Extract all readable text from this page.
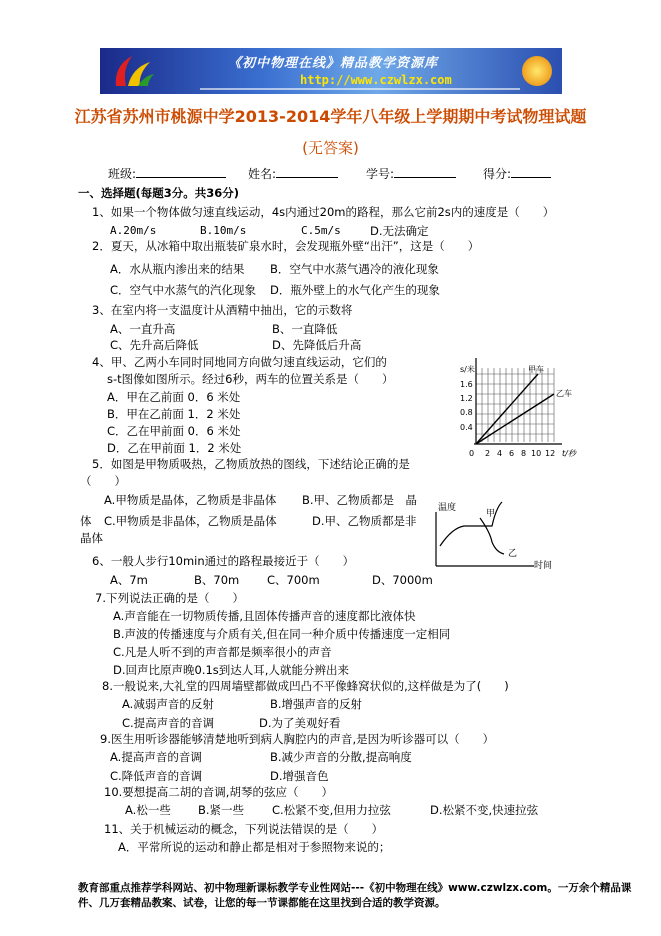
《初中物理在线》精品教学资源库
http://www.czwlzx.com
江苏省苏州市桃源中学2013-2014学年八年级上学期期中考试物理试题
(无答案)
班级:	姓名:	学号:	得分:
一、选择题(每题3分。共36分)
1、如果一个物体做匀速直线运动，4s内通过20m的路程，那么它前2s内的速度是（　　）
A.20m/s	B.10m/s	C.5m/s	D.无法确定
2．夏天，从冰箱中取出瓶装矿泉水时，会发现瓶外壁“出汗”，这是（　　）
A．水从瓶内渗出来的结果 B．空气中水蒸气遇冷的液化现象
C．空气中水蒸气的汽化现象 D．瓶外壁上的水气化产生的现象
3、在室内将一支温度计从酒精中抽出，它的示数将
A、一直升高	B、一直降低
C、先升高后降低	D、先降低后升高
4、甲、乙两小车同时同地同方向做匀速直线运动，它们的
s-t图像如图所示。经过6秒，两车的位置关系是（　　）
A．甲在乙前面 0．6 米处
B．甲在乙前面 1．2 米处
C．乙在甲前面 0．6 米处
D．乙在甲前面 1．2 米处
s/米
1.6
1.2
0.8
0.4
0 2 4 6 8 10 12 t/秒
甲车
乙车
5．如图是甲物质吸热，乙物质放热的图线，下述结论正确的是
（　　）
A.甲物质是晶体，乙物质是非晶体 B.甲、乙物质都是　晶
体 C.甲物质是非晶体，乙物质是晶体	D.甲、乙物质都是非
晶体
温度
甲
乙
时间
6、一般人步行10min通过的路程最接近于（　　）
A、7m	B、70m C、700m	D、7000m
7.下列说法正确的是（　　）
A.声音能在一切物质传播,且固体传播声音的速度都比液体快
B.声波的传播速度与介质有关,但在同一种介质中传播速度一定相同
C.凡是人听不到的声音都是频率很小的声音
D.回声比原声晚0.1s到达人耳,人就能分辨出来
8.一般说来,大礼堂的四周墙壁都做成凹凸不平像蜂窝状似的,这样做是为了(　　)
A.减弱声音的反射	B.增强声音的反射
C.提高声音的音调	D.为了美观好看
9.医生用听诊器能够清楚地听到病人胸腔内的声音,是因为听诊器可以（　　）
A.提高声音的音调	B.减少声音的分散,提高响度
C.降低声音的音调	D.增强音色
10.要想提高二胡的音调,胡琴的弦应（　　）
A.松一些 B.紧一些 C.松紧不变,但用力拉弦	D.松紧不变,快速拉弦
11、关于机械运动的概念，下列说法错误的是（　　）
A．平常所说的运动和静止都是相对于参照物来说的；
教育部重点推荐学科网站、初中物理新课标教学专业性网站---《初中物理在线》www.czwlzx.com。一万余个精品课
件、几万套精品教案、试卷，让您的每一节课都能在这里找到合适的教学资源。
